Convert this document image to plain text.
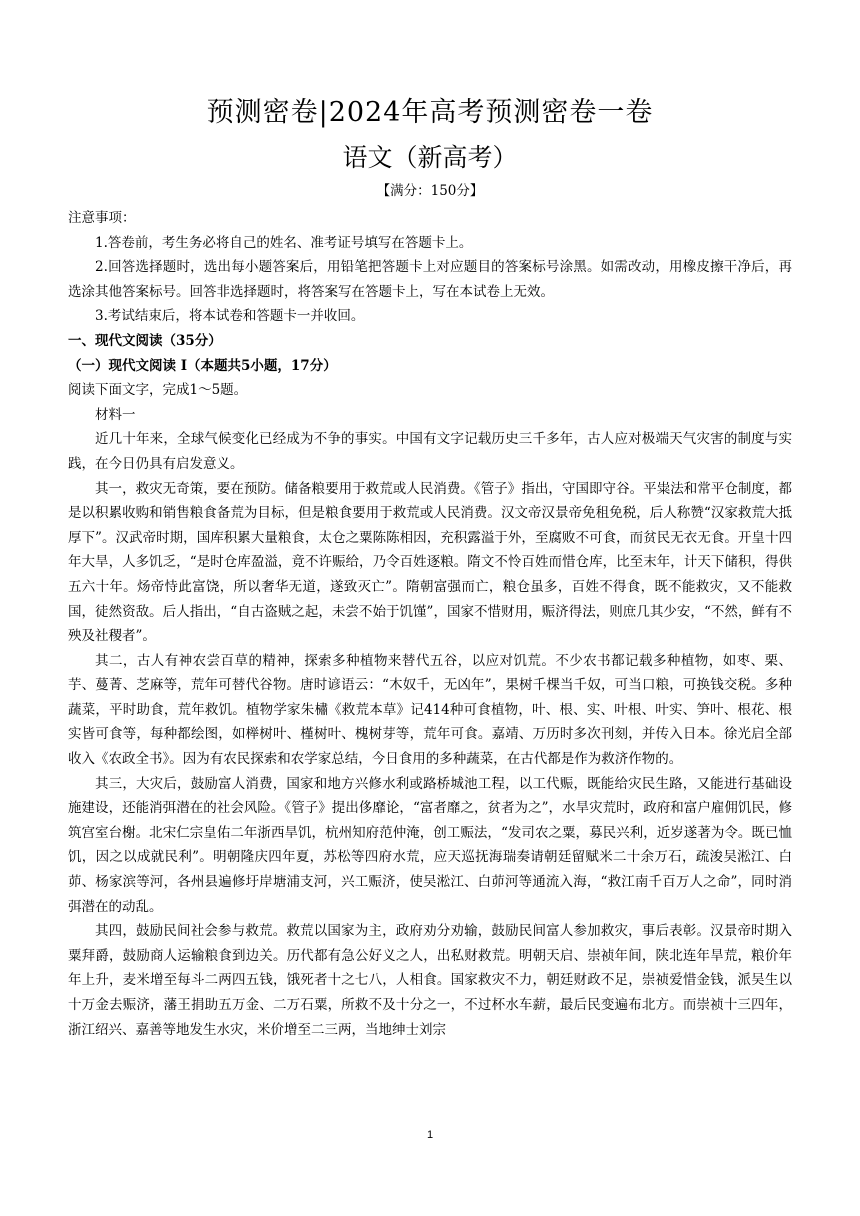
预测密卷|2024年高考预测密卷一卷
语文（新高考）
【满分：150分】

注意事项：

1.答卷前，考生务必将自己的姓名、准考证号填写在答题卡上。

2.回答选择题时，选出每小题答案后，用铅笔把答题卡上对应题目的答案标号涂黑。如需改动，用橡皮擦干净后，再选涂其他答案标号。回答非选择题时，将答案写在答题卡上，写在本试卷上无效。

3.考试结束后，将本试卷和答题卡一并收回。

一、现代文阅读（35分）

（一）现代文阅读 I（本题共5小题，17分）

阅读下面文字，完成1～5题。

材料一

近几十年来，全球气候变化已经成为不争的事实。中国有文字记载历史三千多年，古人应对极端天气灾害的制度与实践，在今日仍具有启发意义。

其一，救灾无奇策，要在预防。储备粮要用于救荒或人民消费。《管子》指出，守国即守谷。平粜法和常平仓制度，都是以积累收购和销售粮食备荒为目标，但是粮食要用于救荒或人民消费。汉文帝汉景帝免租免税，后人称赞“汉家救荒大抵厚下”。汉武帝时期，国库积累大量粮食，太仓之粟陈陈相因，充积露溢于外，至腐败不可食，而贫民无衣无食。开皇十四年大旱，人多饥乏，“是时仓库盈溢，竟不许赈给，乃令百姓逐粮。隋文不怜百姓而惜仓库，比至末年，计天下储积，得供五六十年。炀帝恃此富饶，所以奢华无道，遂致灭亡”。隋朝富强而亡，粮仓虽多，百姓不得食，既不能救灾，又不能救国，徒然资敌。后人指出，“自古盗贼之起，未尝不始于饥馑”，国家不惜财用，赈济得法，则庶几其少安，“不然，鲜有不殃及社稷者”。

其二，古人有神农尝百草的精神，探索多种植物来替代五谷，以应对饥荒。不少农书都记载多种植物，如枣、栗、芋、蔓菁、芝麻等，荒年可替代谷物。唐时谚语云：“木奴千，无凶年”，果树千棵当千奴，可当口粮，可换钱交税。多种蔬菜，平时助食，荒年救饥。植物学家朱橚《救荒本草》记414种可食植物，叶、根、实、叶根、叶实、笋叶、根花、根实皆可食等，每种都绘图，如榉树叶、槿树叶、槐树芽等，荒年可食。嘉靖、万历时多次刊刻，并传入日本。徐光启全部收入《农政全书》。因为有农民探索和农学家总结，今日食用的多种蔬菜，在古代都是作为救济作物的。

其三，大灾后，鼓励富人消费，国家和地方兴修水利或路桥城池工程，以工代赈，既能给灾民生路，又能进行基础设施建设，还能消弭潜在的社会风险。《管子》提出侈靡论，“富者靡之，贫者为之”，水旱灾荒时，政府和富户雇佣饥民，修筑宫室台榭。北宋仁宗皇佑二年浙西旱饥，杭州知府范仲淹，创工赈法，“发司农之粟，募民兴利，近岁遂著为令。既已恤饥，因之以成就民利”。明朝隆庆四年夏，苏松等四府水荒，应天巡抚海瑞奏请朝廷留赋米二十余万石，疏浚吴淞江、白茆、杨家滨等河，各州县遍修圩岸塘浦支河，兴工赈济，使吴淞江、白茆河等通流入海，“救江南千百万人之命”，同时消弭潜在的动乱。

其四，鼓励民间社会参与救荒。救荒以国家为主，政府劝分劝输，鼓励民间富人参加救灾，事后表彰。汉景帝时期入粟拜爵，鼓励商人运输粮食到边关。历代都有急公好义之人，出私财救荒。明朝天启、崇祯年间，陕北连年旱荒，粮价年年上升，麦米增至每斗二两四五钱，饿死者十之七八，人相食。国家救灾不力，朝廷财政不足，崇祯爱惜金钱，派吴生以十万金去赈济，藩王捐助五万金、二万石粟，所救不及十分之一，不过杯水车薪，最后民变遍布北方。而崇祯十三四年，浙江绍兴、嘉善等地发生水灾，米价增至二三两，当地绅士刘宗

1
